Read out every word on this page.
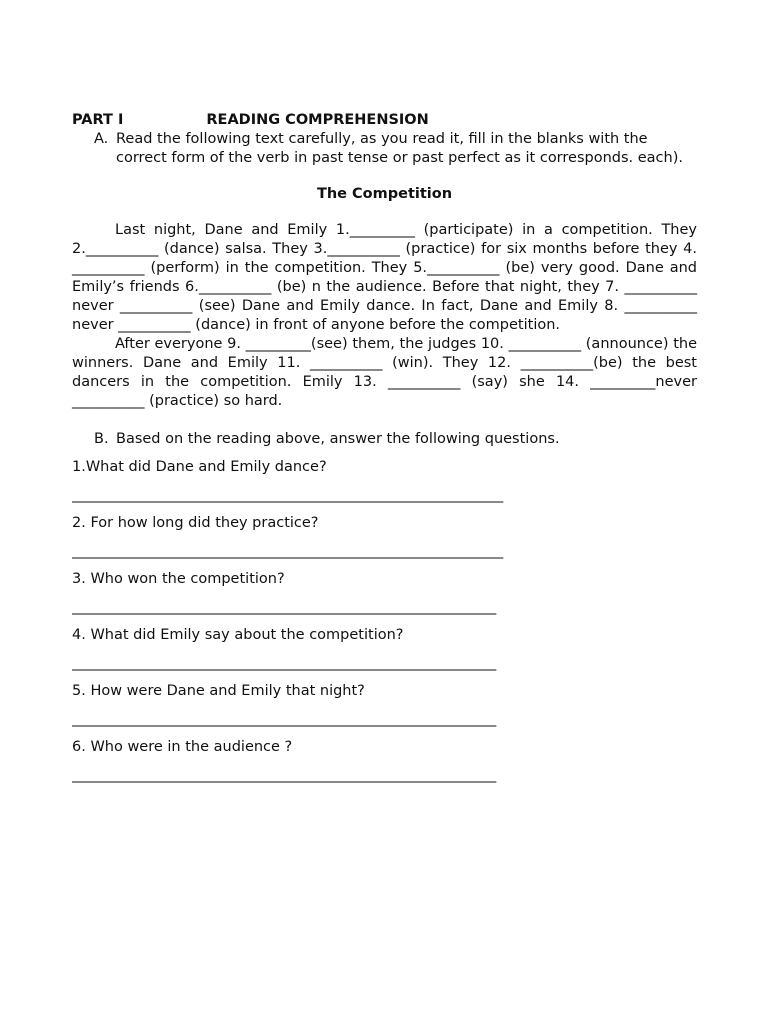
PART I	READING COMPREHENSION
A. Read the following text carefully, as you read it, fill in the blanks with the correct form of the verb in past tense or past perfect as it corresponds. each).
The Competition

Last night, Dane and Emily 1._________ (participate) in a competition. They 2.__________ (dance) salsa. They 3.__________ (practice) for six months before they 4. __________ (perform) in the competition. They 5.__________ (be) very good. Dane and Emily’s friends 6.__________ (be) n the audience. Before that night, they 7. __________ never __________ (see) Dane and Emily dance. In fact, Dane and Emily 8. __________ never __________ (dance) in front of anyone before the competition.

After everyone 9. _________(see) them, the judges 10. __________ (announce) the winners. Dane and Emily 11. __________ (win). They 12. __________(be) the best dancers in the competition. Emily 13. __________ (say) she 14. _________never __________ (practice) so hard.

B. Based on the reading above, answer the following questions.
1.What did Dane and Emily dance?
______________________________________________________________
2. For how long did they practice?
______________________________________________________________
3. Who won the competition?
_____________________________________________________________
4. What did Emily say about the competition?
_____________________________________________________________
5. How were Dane and Emily that night?
_____________________________________________________________
6. Who were in the audience ?
_____________________________________________________________
